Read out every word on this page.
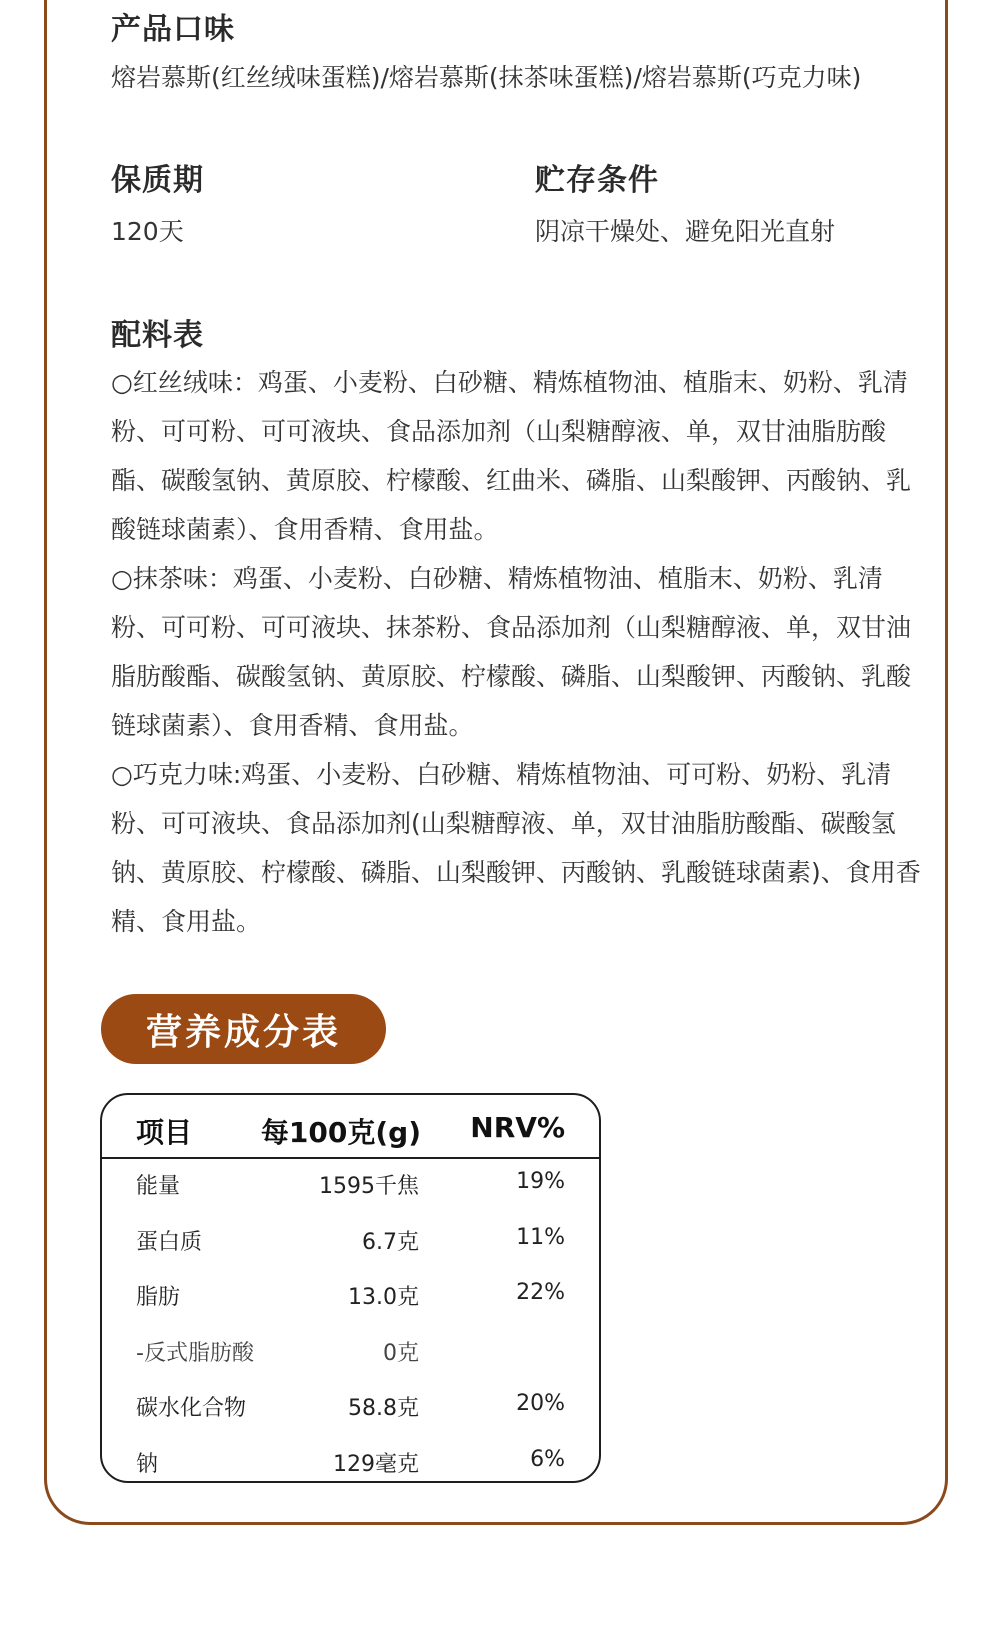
产品口味
熔岩慕斯(红丝绒味蛋糕)/熔岩慕斯(抹茶味蛋糕)/熔岩慕斯(巧克力味)
保质期
120天
贮存条件
阴凉干燥处、避免阳光直射
配料表

○红丝绒味：鸡蛋、小麦粉、白砂糖、精炼植物油、植脂末、奶粉、乳清粉、可可粉、可可液块、食品添加剂（山梨糖醇液、单，双甘油脂肪酸酯、碳酸氢钠、黄原胶、柠檬酸、红曲米、磷脂、山梨酸钾、丙酸钠、乳酸链球菌素）、食用香精、食用盐。

○抹茶味：鸡蛋、小麦粉、白砂糖、精炼植物油、植脂末、奶粉、乳清粉、可可粉、可可液块、抹茶粉、食品添加剂（山梨糖醇液、单，双甘油脂肪酸酯、碳酸氢钠、黄原胶、柠檬酸、磷脂、山梨酸钾、丙酸钠、乳酸链球菌素）、食用香精、食用盐。

○巧克力味:鸡蛋、小麦粉、白砂糖、精炼植物油、可可粉、奶粉、乳清粉、可可液块、食品添加剂(山梨糖醇液、单，双甘油脂肪酸酯、碳酸氢钠、黄原胶、柠檬酸、磷脂、山梨酸钾、丙酸钠、乳酸链球菌素)、食用香精、食用盐。

营养成分表
项目 每100克(g) NRV%
能量	1595千焦	19%
蛋白质	6.7克	11%
脂肪	13.0克	22%
-反式脂肪酸	0克
碳水化合物	58.8克	20%
钠	129毫克	6%
